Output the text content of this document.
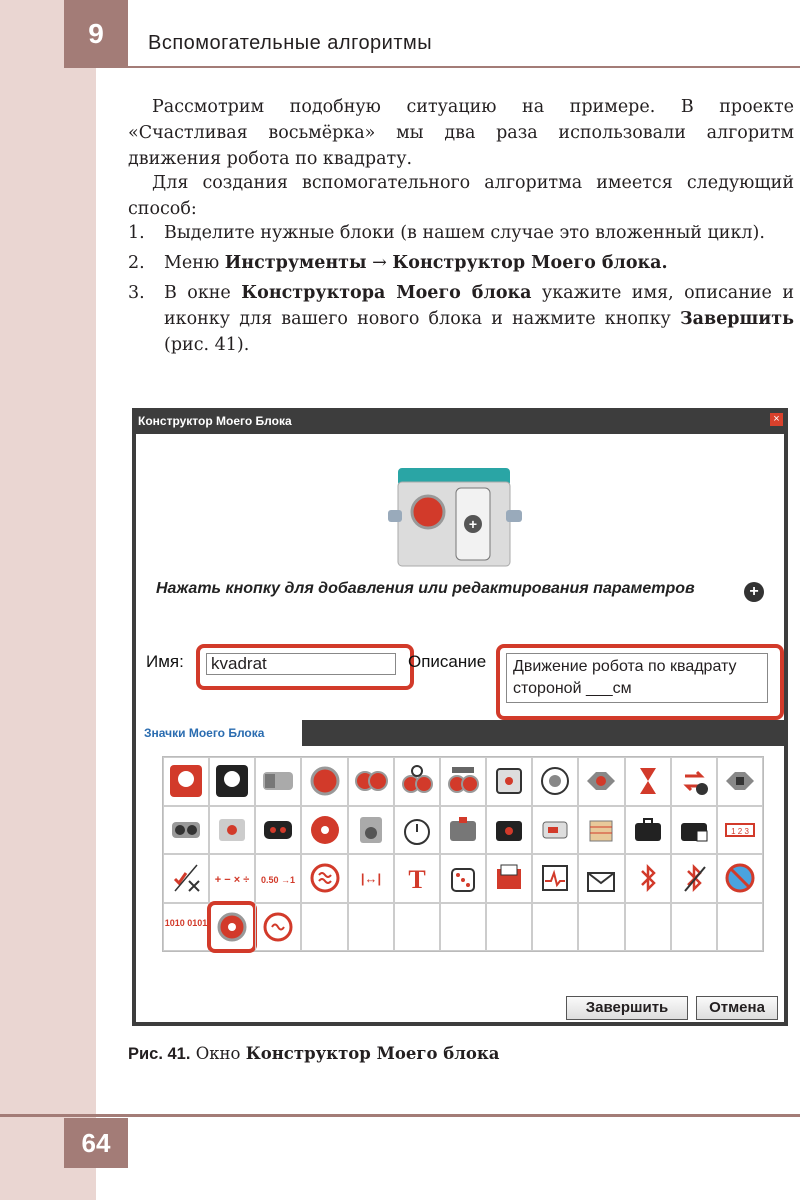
9	Вспомогательные алгоритмы
Рассмотрим подобную ситуацию на примере. В проекте «Счастливая восьмёрка» мы два раза использовали алгоритм движения робота по квадрату.
Для создания вспомогательного алгоритма имеется следующий способ:
1.	Выделите нужные блоки (в нашем случае это вложенный цикл).
2.	Меню Инструменты → Конструктор Моего блока.
3.	В окне Конструктора Моего блока укажите имя, описание и иконку для вашего нового блока и нажмите кнопку Завершить (рис. 41).
Конструктор Моего Блока	×
+
Нажать кнопку для добавления или редактирования параметров	+
Имя: kvadrat	Описание	Движение робота по квадрату стороной ___см
Значки Моего Блока
1 2 3
+ − × ÷ 0.50 →1	|↔| T
1010 0101
Завершить	Отмена
Рис. 41. Окно Конструктор Моего блока
64
